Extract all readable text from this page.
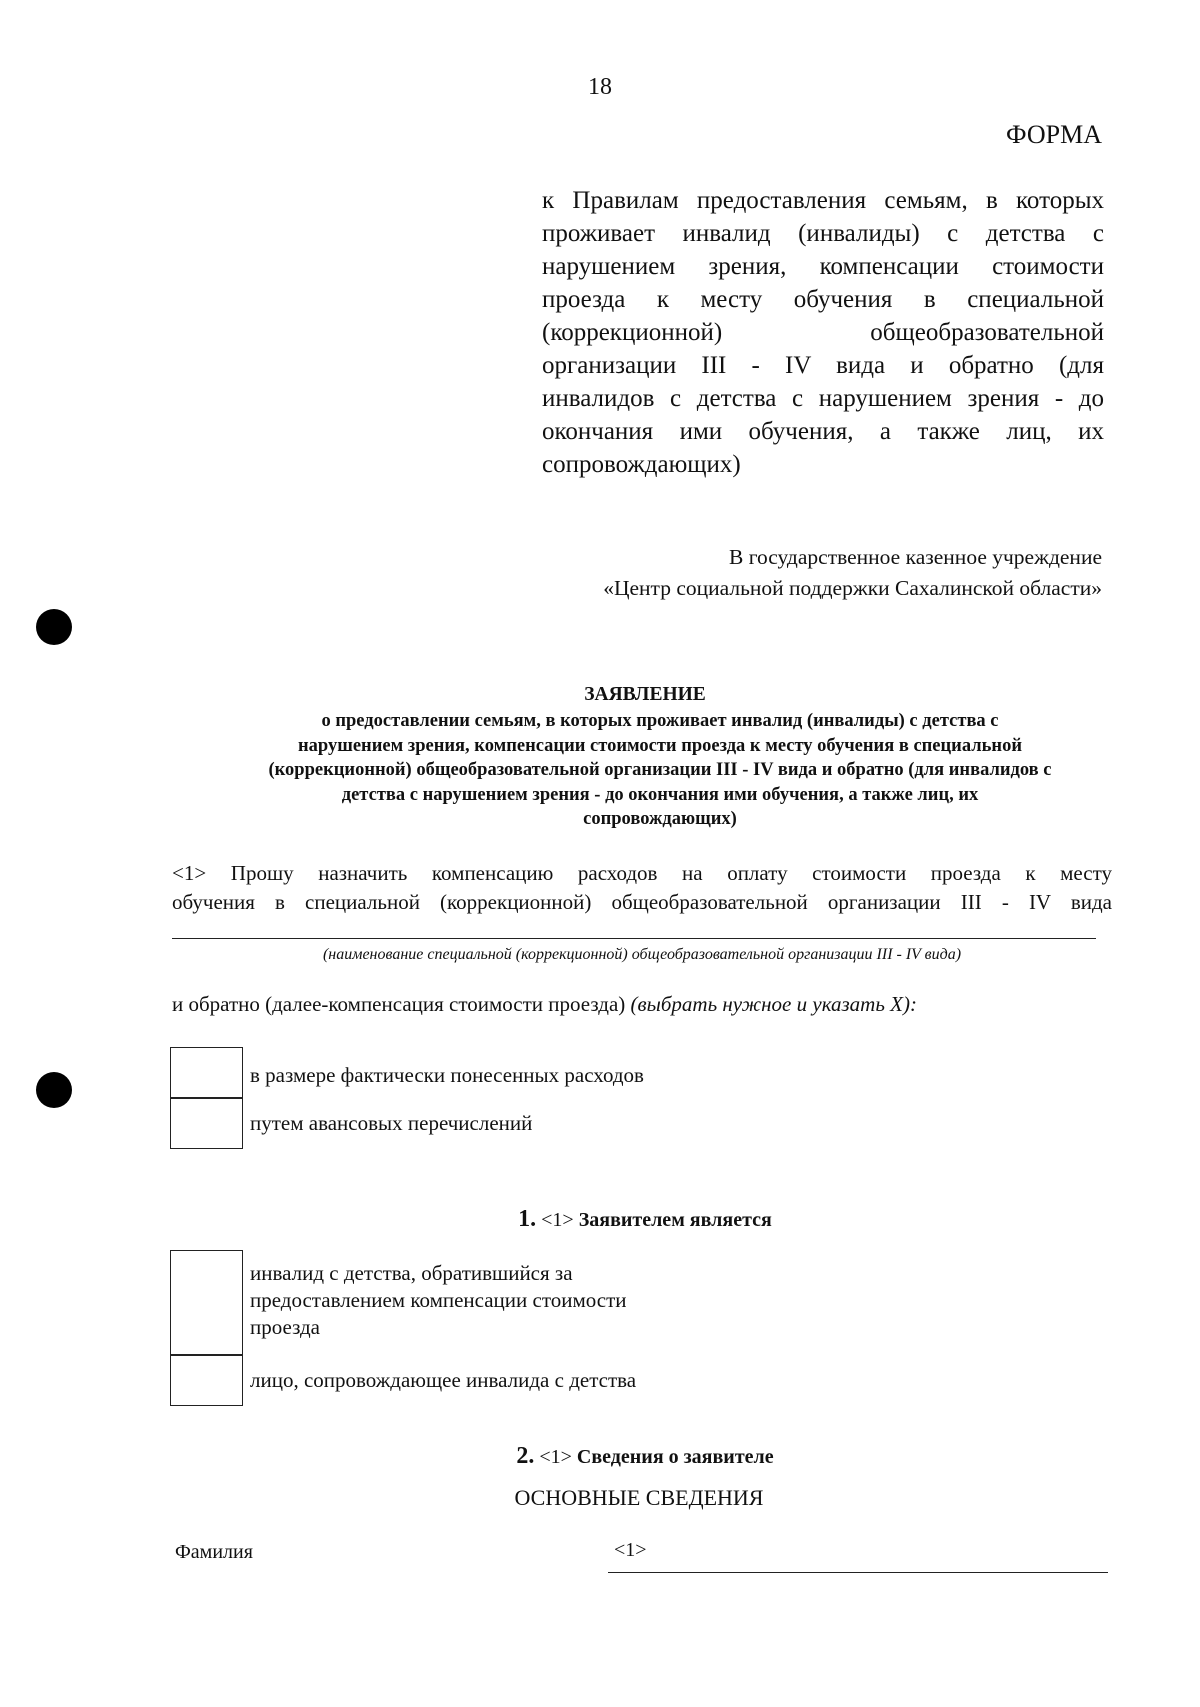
18
ФОРМА
к Правилам предоставления семьям, в которых
проживает инвалид (инвалиды) с детства с
нарушением зрения, компенсации стоимости
проезда к месту обучения в специальной
(коррекционной) общеобразовательной
организации III - IV вида и обратно (для
инвалидов с детства с нарушением зрения - до
окончания ими обучения, а также лиц, их
сопровождающих)
В государственное казенное учреждение
«Центр социальной поддержки Сахалинской области»
ЗАЯВЛЕНИЕ
о предоставлении семьям, в которых проживает инвалид (инвалиды) с детства с
нарушением зрения, компенсации стоимости проезда к месту обучения в специальной
(коррекционной) общеобразовательной организации III - IV вида и обратно (для инвалидов с
детства с нарушением зрения - до окончания ими обучения, а также лиц, их
сопровождающих)
<1> Прошу назначить компенсацию расходов на оплату стоимости проезда к месту
обучения в специальной (коррекционной) общеобразовательной организации III - IV вида
(наименование специальной (коррекционной) общеобразовательной организации III - IV вида)
и обратно (далее-компенсация стоимости проезда) (выбрать нужное и указать X):
в размере фактически понесенных расходов
путем авансовых перечислений
1. <1> Заявителем является
инвалид с детства, обратившийся за
предоставлением компенсации стоимости
проезда
лицо, сопровождающее инвалида с детства
2. <1> Сведения о заявителе
ОСНОВНЫЕ СВЕДЕНИЯ
Фамилия	<1>
